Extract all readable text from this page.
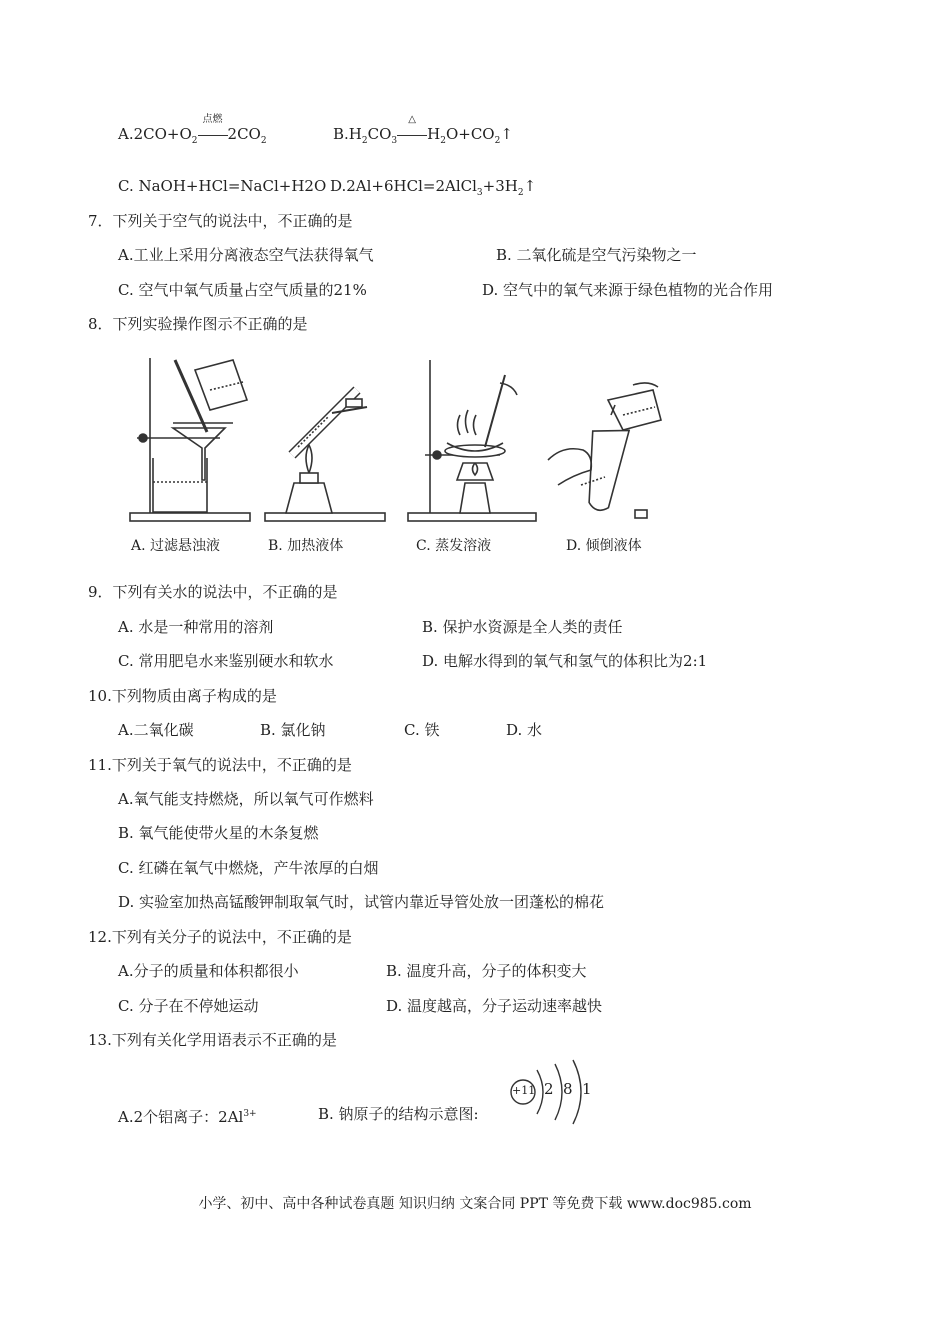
$A.2CO+O_2$
点燃
$2CO_2$	$B.H_2CO_3$
△
$H_2O+CO_2↑$
C. NaOH+HCl=NaCl+H2O $D.2Al+6HCl=2AlCl_3+3H_2↑$
7．下列关于空气的说法中，不正确的是
A.工业上采用分离液态空气法获得氧气	B. 二氧化硫是空气污染物之一
C. 空气中氧气质量占空气质量的21%	D. 空气中的氧气来源于绿色植物的光合作用
8．下列实验操作图示不正确的是
A. 过滤悬浊液	B. 加热液体	C. 蒸发溶液	D. 倾倒液体
9．下列有关水的说法中，不正确的是
A. 水是一种常用的溶剂	B. 保护水资源是全人类的责任
C. 常用肥皂水来鉴别硬水和软水	D. 电解水得到的氧气和氢气的体积比为2:1
10.下列物质由离子构成的是
A.二氧化碳	B. 氯化钠	C. 铁	D. 水
11.下列关于氧气的说法中，不正确的是
A.氧气能支持燃烧，所以氧气可作燃料
B. 氧气能使带火星的木条复燃
C. 红磷在氧气中燃烧，产牛浓厚的白烟
D. 实验室加热高锰酸钾制取氧气时，试管内靠近导管处放一团蓬松的棉花
12.下列有关分子的说法中，不正确的是
A.分子的质量和体积都很小	B. 温度升高，分子的体积变大
C. 分子在不停她运动	D. 温度越高，分子运动速率越快
13.下列有关化学用语表示不正确的是
A.2个铝离子：$2Al^{3+}$	B. 钠原子的结构示意图:
+11 2 8 1
小学、初中、高中各种试卷真题 知识归纳 文案合同 PPT 等免费下载 www.doc985.com
